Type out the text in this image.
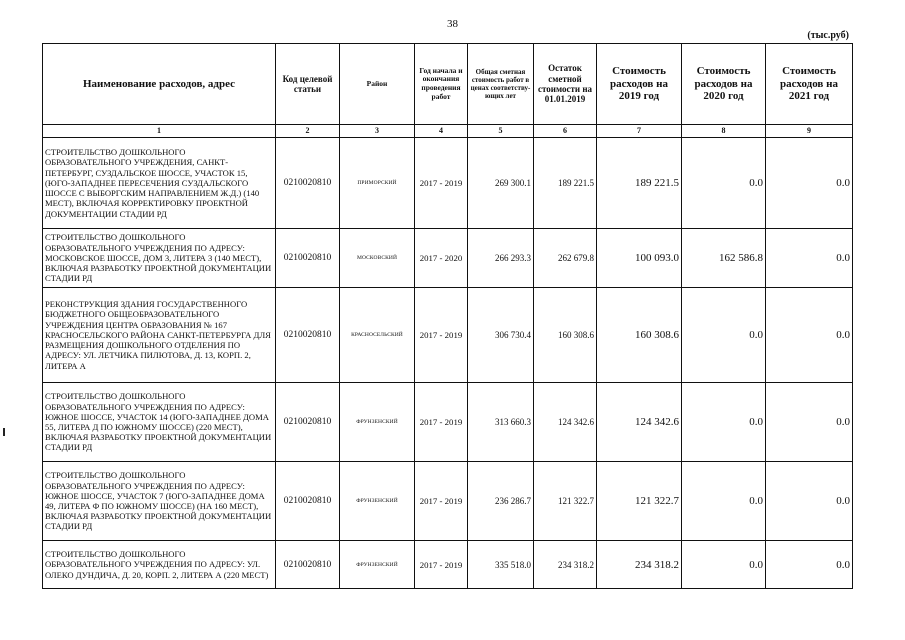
38
(тыс.руб)
Наименование расходов, адрес	Код целевой статьи	Район	Год начала и окончания проведения работ	Общая сметная стоимость работ в ценах соответству-ющих лет	Остаток сметной стоимости на 01.01.2019	Стоимость расходов на 2019 год	Стоимость расходов на 2020 год	Стоимость расходов на 2021 год
1	2	3	4	5	6	7	8	9
СТРОИТЕЛЬСТВО ДОШКОЛЬНОГО ОБРАЗОВАТЕЛЬНОГО УЧРЕЖДЕНИЯ, САНКТ-ПЕТЕРБУРГ, СУЗДАЛЬСКОЕ ШОССЕ, УЧАСТОК 15, (ЮГО-ЗАПАДНЕЕ ПЕРЕСЕЧЕНИЯ СУЗДАЛЬСКОГО ШОССЕ С ВЫБОРГСКИМ НАПРАВЛЕНИЕМ Ж.Д.) (140 МЕСТ), ВКЛЮЧАЯ КОРРЕКТИРОВКУ ПРОЕКТНОЙ ДОКУМЕНТАЦИИ СТАДИИ РД	0210020810	ПРИМОРСКИЙ	2017 - 2019	269 300.1	189 221.5	189 221.5	0.0	0.0
СТРОИТЕЛЬСТВО ДОШКОЛЬНОГО ОБРАЗОВАТЕЛЬНОГО УЧРЕЖДЕНИЯ ПО АДРЕСУ: МОСКОВСКОЕ ШОССЕ, ДОМ 3, ЛИТЕРА 3 (140 МЕСТ), ВКЛЮЧАЯ РАЗРАБОТКУ ПРОЕКТНОЙ ДОКУМЕНТАЦИИ СТАДИИ РД	0210020810	МОСКОВСКИЙ	2017 - 2020	266 293.3	262 679.8	100 093.0	162 586.8	0.0
РЕКОНСТРУКЦИЯ ЗДАНИЯ ГОСУДАРСТВЕННОГО БЮДЖЕТНОГО ОБЩЕОБРАЗОВАТЕЛЬНОГО УЧРЕЖДЕНИЯ ЦЕНТРА ОБРАЗОВАНИЯ № 167 КРАСНОСЕЛЬСКОГО РАЙОНА САНКТ-ПЕТЕРБУРГА ДЛЯ РАЗМЕЩЕНИЯ ДОШКОЛЬНОГО ОТДЕЛЕНИЯ ПО АДРЕСУ: УЛ. ЛЕТЧИКА ПИЛЮТОВА, Д. 13, КОРП. 2, ЛИТЕРА А	0210020810	КРАСНОСЕЛЬСКИЙ	2017 - 2019	306 730.4	160 308.6	160 308.6	0.0	0.0
СТРОИТЕЛЬСТВО ДОШКОЛЬНОГО ОБРАЗОВАТЕЛЬНОГО УЧРЕЖДЕНИЯ ПО АДРЕСУ: ЮЖНОЕ ШОССЕ, УЧАСТОК 14 (ЮГО-ЗАПАДНЕЕ ДОМА 55, ЛИТЕРА Д ПО ЮЖНОМУ ШОССЕ) (220 МЕСТ), ВКЛЮЧАЯ РАЗРАБОТКУ ПРОЕКТНОЙ ДОКУМЕНТАЦИИ СТАДИИ РД	0210020810	ФРУНЗЕНСКИЙ	2017 - 2019	313 660.3	124 342.6	124 342.6	0.0	0.0
СТРОИТЕЛЬСТВО ДОШКОЛЬНОГО ОБРАЗОВАТЕЛЬНОГО УЧРЕЖДЕНИЯ ПО АДРЕСУ: ЮЖНОЕ ШОССЕ, УЧАСТОК 7 (ЮГО-ЗАПАДНЕЕ ДОМА 49, ЛИТЕРА Ф ПО ЮЖНОМУ ШОССЕ) (НА 160 МЕСТ), ВКЛЮЧАЯ РАЗРАБОТКУ ПРОЕКТНОЙ ДОКУМЕНТАЦИИ СТАДИИ РД	0210020810	ФРУНЗЕНСКИЙ	2017 - 2019	236 286.7	121 322.7	121 322.7	0.0	0.0
СТРОИТЕЛЬСТВО ДОШКОЛЬНОГО ОБРАЗОВАТЕЛЬНОГО УЧРЕЖДЕНИЯ ПО АДРЕСУ: УЛ. ОЛЕКО ДУНДИЧА, Д. 20, КОРП. 2, ЛИТЕРА А (220 МЕСТ)	0210020810	ФРУНЗЕНСКИЙ	2017 - 2019	335 518.0	234 318.2	234 318.2	0.0	0.0
